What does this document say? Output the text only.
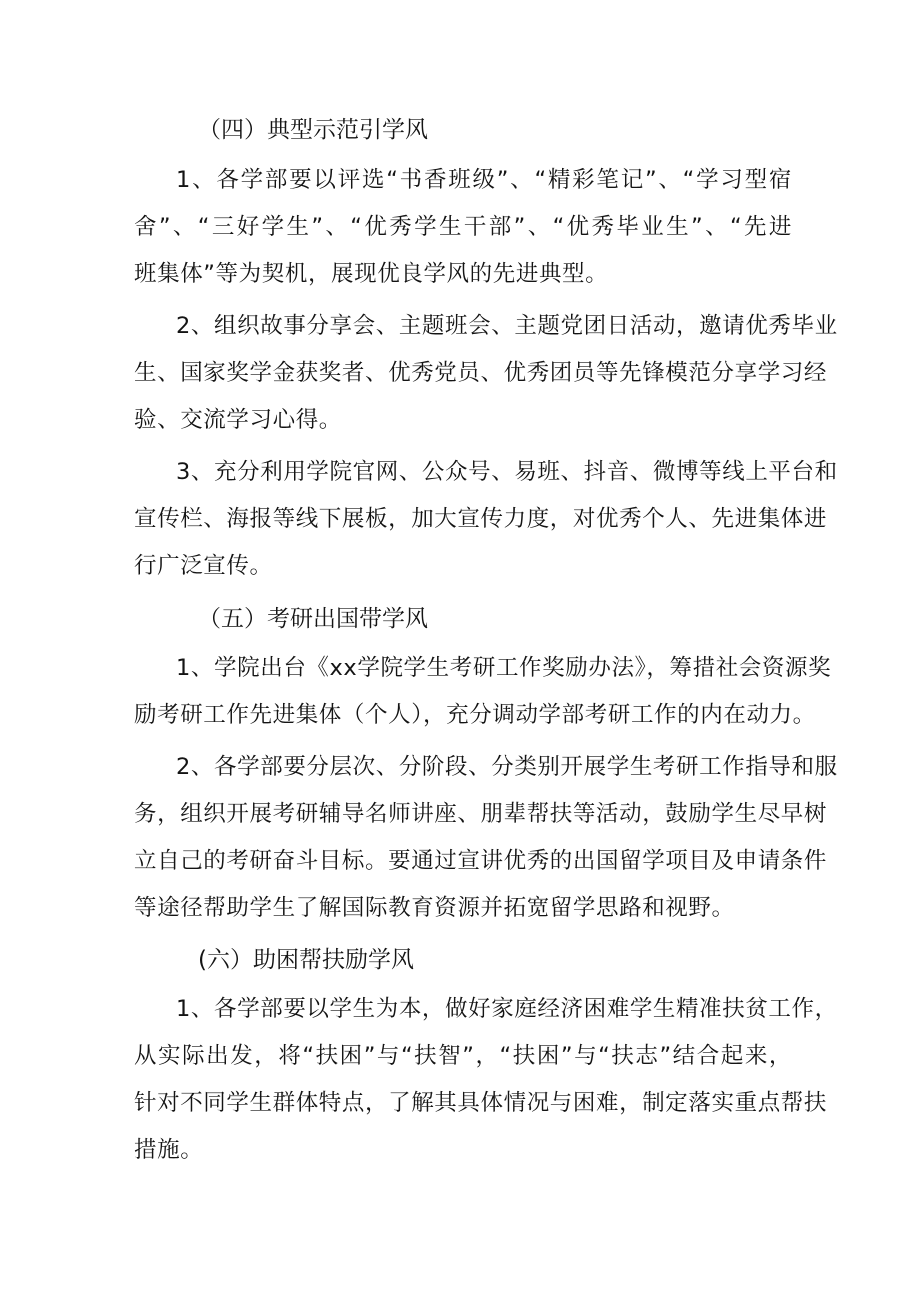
（四）典型示范引学风
1、各学部要以评选“书香班级”、“精彩笔记”、“学习型宿
舍”、“三好学生”、“优秀学生干部”、“优秀毕业生”、“先进
班集体”等为契机，展现优良学风的先进典型。
2、组织故事分享会、主题班会、主题党团日活动，邀请优秀毕业
生、国家奖学金获奖者、优秀党员、优秀团员等先锋模范分享学习经
验、交流学习心得。
3、充分利用学院官网、公众号、易班、抖音、微博等线上平台和
宣传栏、海报等线下展板，加大宣传力度，对优秀个人、先进集体进
行广泛宣传。
（五）考研出国带学风
1、学院出台《xx学院学生考研工作奖励办法》，筹措社会资源奖
励考研工作先进集体（个人），充分调动学部考研工作的内在动力。
2、各学部要分层次、分阶段、分类别开展学生考研工作指导和服
务，组织开展考研辅导名师讲座、朋辈帮扶等活动，鼓励学生尽早树
立自己的考研奋斗目标。要通过宣讲优秀的出国留学项目及申请条件
等途径帮助学生了解国际教育资源并拓宽留学思路和视野。
(六）助困帮扶励学风
1、各学部要以学生为本，做好家庭经济困难学生精准扶贫工作，
从实际出发，将“扶困”与“扶智”，“扶困”与“扶志”结合起来，
针对不同学生群体特点，了解其具体情况与困难，制定落实重点帮扶
措施。
